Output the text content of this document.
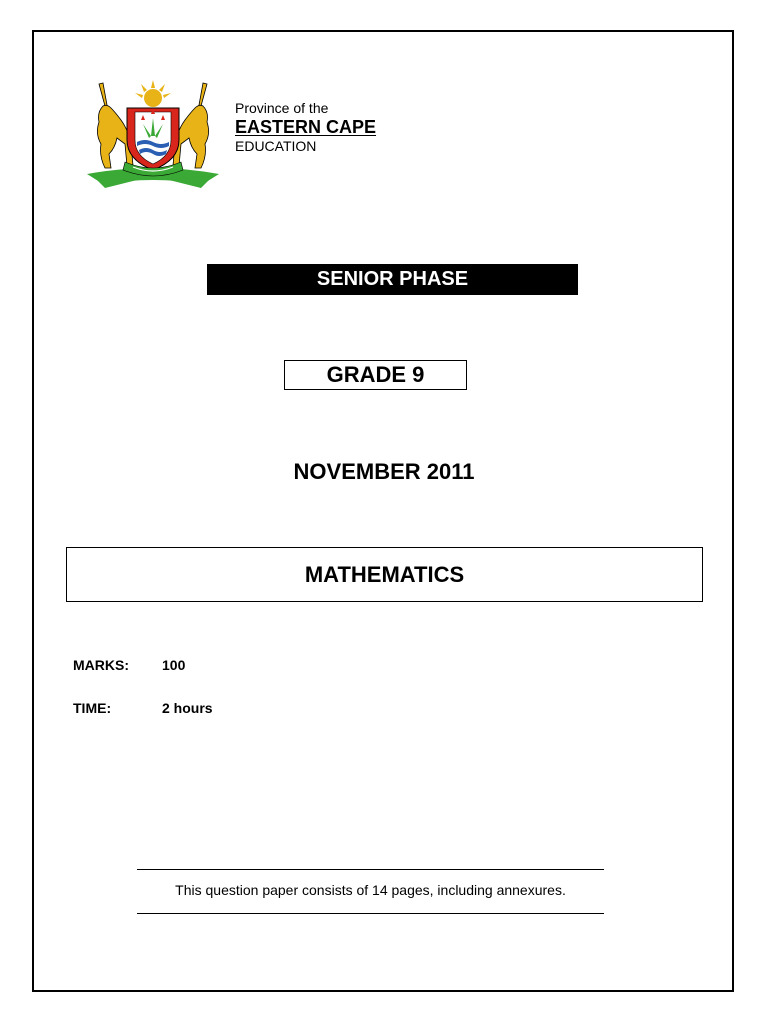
Province of the
EASTERN CAPE
EDUCATION
SENIOR PHASE
GRADE 9
NOVEMBER 2011
MATHEMATICS
MARKS: 100
TIME:	2 hours
This question paper consists of 14 pages, including annexures.
